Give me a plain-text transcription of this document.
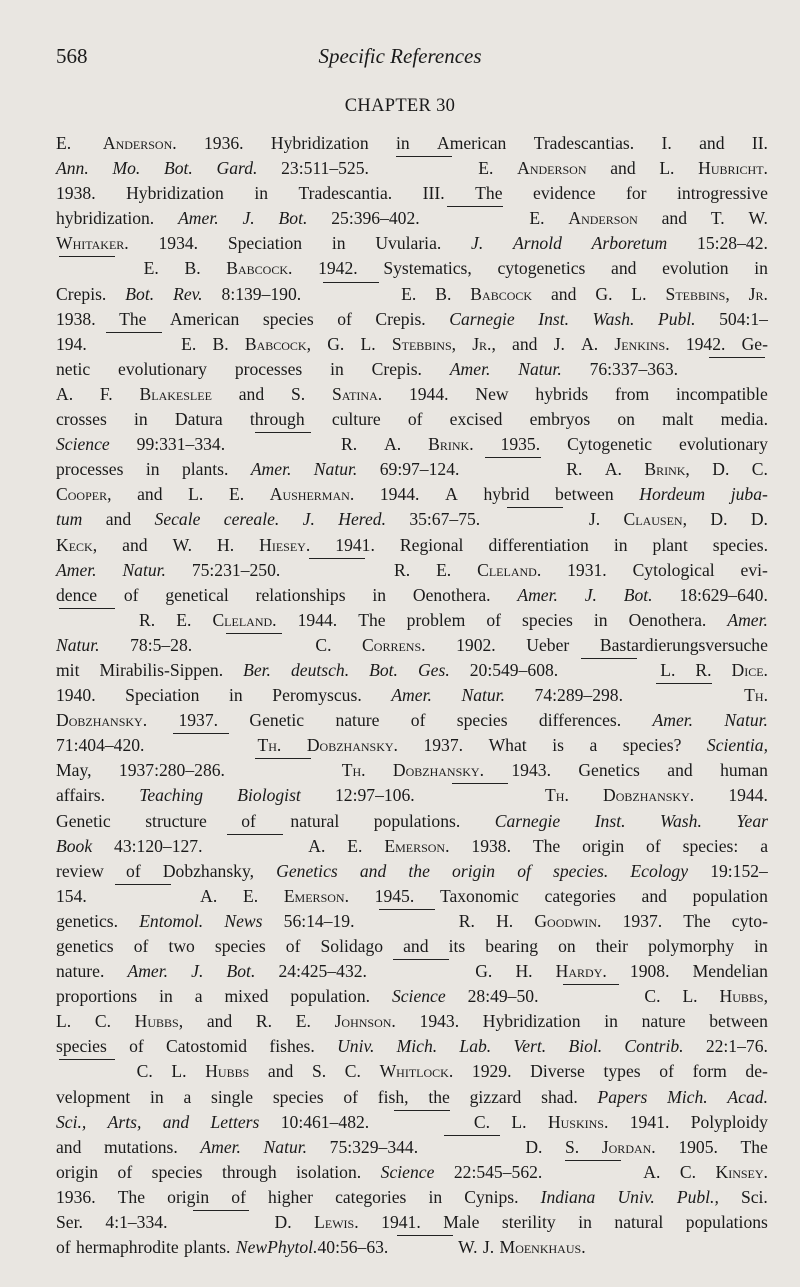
568	Specific References
CHAPTER 30
E. Anderson. 1936. Hybridization in American Tradescantias. I. and II.
Ann. Mo. Bot. Gard. 23:511–525.	E. Anderson and L. Hubricht.
1938. Hybridization in Tradescantia. III. The evidence for introgressive
hybridization. Amer. J. Bot. 25:396–402.	E. Anderson and T. W.
Whitaker. 1934. Speciation in Uvularia. J. Arnold Arboretum 15:28–42.
E. B. Babcock. 1942. Systematics, cytogenetics and evolution in
Crepis. Bot. Rev. 8:139–190.	E. B. Babcock and G. L. Stebbins, Jr.
1938. The American species of Crepis. Carnegie Inst. Wash. Publ. 504:1–
194.	E. B. Babcock, G. L. Stebbins, Jr., and J. A. Jenkins. 1942. Ge-
netic evolutionary processes in Crepis. Amer. Natur. 76:337–363.
A. F. Blakeslee and S. Satina. 1944. New hybrids from incompatible
crosses in Datura through culture of excised embryos on malt media.
Science 99:331–334.	R. A. Brink. 1935. Cytogenetic evolutionary
processes in plants. Amer. Natur. 69:97–124.	R. A. Brink, D. C.
Cooper, and L. E. Ausherman. 1944. A hybrid between Hordeum juba-
tum and Secale cereale. J. Hered. 35:67–75.	J. Clausen, D. D.
Keck, and W. H. Hiesey. 1941. Regional differentiation in plant species.
Amer. Natur. 75:231–250.	R. E. Cleland. 1931. Cytological evi-
dence of genetical relationships in Oenothera. Amer. J. Bot. 18:629–640.
R. E. Cleland. 1944. The problem of species in Oenothera. Amer.
Natur. 78:5–28.	C. Correns. 1902. Ueber Bastardierungsversuche
mit Mirabilis-Sippen. Ber. deutsch. Bot. Ges. 20:549–608.	L. R. Dice.
1940. Speciation in Peromyscus. Amer. Natur. 74:289–298.	Th.
Dobzhansky. 1937. Genetic nature of species differences. Amer. Natur.
71:404–420.	Th. Dobzhansky. 1937. What is a species? Scientia,
May, 1937:280–286.	Th. Dobzhansky. 1943. Genetics and human
affairs. Teaching Biologist 12:97–106.	Th. Dobzhansky. 1944.
Genetic structure of natural populations. Carnegie Inst. Wash. Year
Book 43:120–127.	A. E. Emerson. 1938. The origin of species: a
review of Dobzhansky, Genetics and the origin of species. Ecology 19:152–
154.	A. E. Emerson. 1945. Taxonomic categories and population
genetics. Entomol. News 56:14–19.	R. H. Goodwin. 1937. The cyto-
genetics of two species of Solidago and its bearing on their polymorphy in
nature. Amer. J. Bot. 24:425–432.	G. H. Hardy. 1908. Mendelian
proportions in a mixed population. Science 28:49–50.	C. L. Hubbs,
L. C. Hubbs, and R. E. Johnson. 1943. Hybridization in nature between
species of Catostomid fishes. Univ. Mich. Lab. Vert. Biol. Contrib. 22:1–76.
C. L. Hubbs and S. C. Whitlock. 1929. Diverse types of form de-
velopment in a single species of fish, the gizzard shad. Papers Mich. Acad.
Sci., Arts, and Letters 10:461–482.	C. L. Huskins. 1941. Polyploidy
and mutations. Amer. Natur. 75:329–344.	D. S. Jordan. 1905. The
origin of species through isolation. Science 22:545–562.	A. C. Kinsey.
1936. The origin of higher categories in Cynips. Indiana Univ. Publ., Sci.
Ser. 4:1–334.	D. Lewis. 1941. Male sterility in natural populations
of hermaphrodite plants. New Phytol. 40:56–63.	W. J. Moenkhaus.
